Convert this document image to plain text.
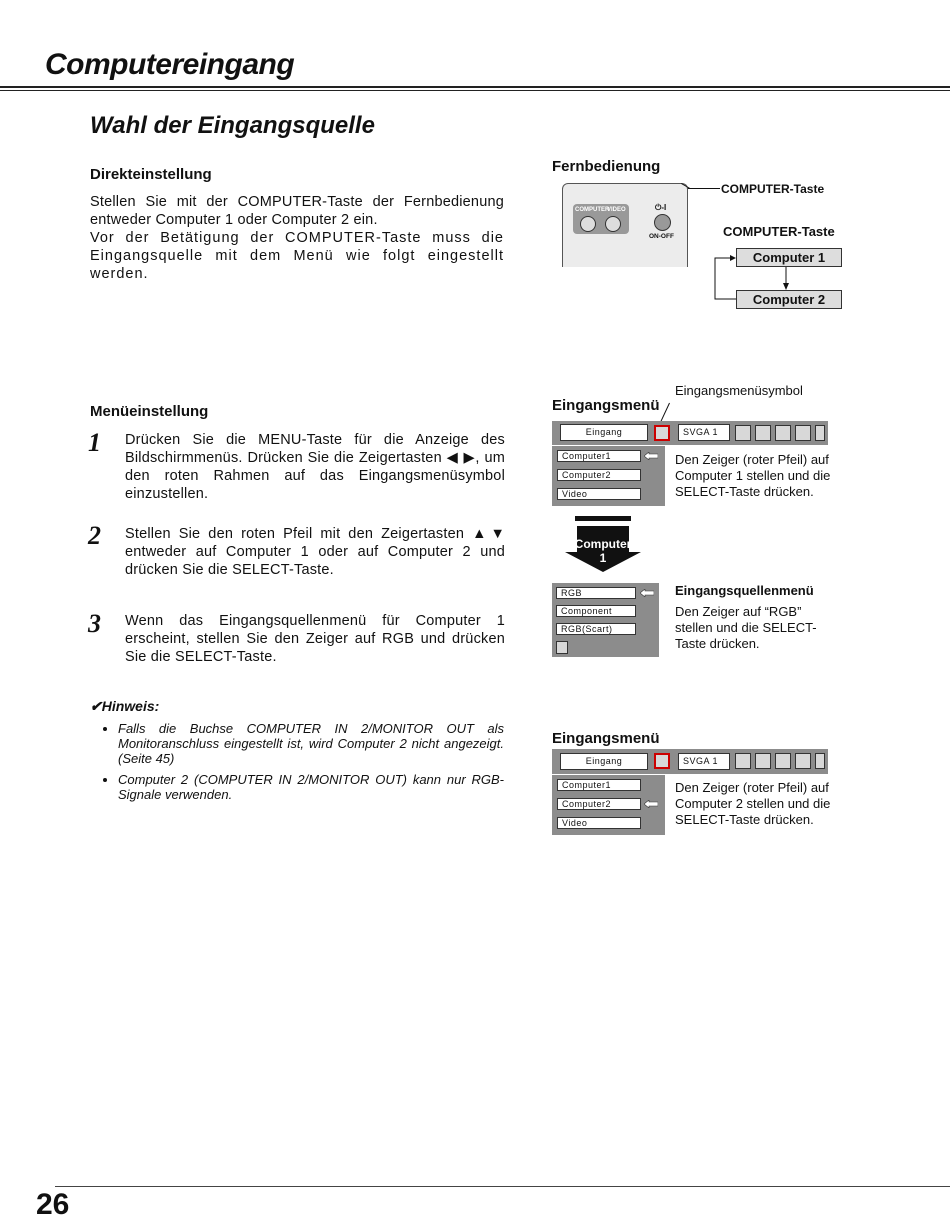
Computereingang
Wahl der Eingangsquelle
Direkteinstellung
Stellen Sie mit der COMPUTER-Taste der Fernbedienung entweder Computer 1 oder Computer 2 ein.
Vor der Betätigung der COMPUTER-Taste muss die Eingangsquelle mit dem Menü wie folgt eingestellt werden.
Fernbedienung
COMPUTER
VIDEO	⏻-I
ON-OFF
COMPUTER-Taste
COMPUTER-Taste
Computer 1
Computer 2
Menüeinstellung
1 Drücken Sie die MENU-Taste für die Anzeige des Bildschirmmenüs. Drücken Sie die Zeigertasten ◀ ▶, um den roten Rahmen auf das Eingangsmenüsymbol einzustellen.
2 Stellen Sie den roten Pfeil mit den Zeigertasten ▲▼ entweder auf Computer 1 oder auf Computer 2 und drücken Sie die SELECT-Taste.
3 Wenn das Eingangsquellenmenü für Computer 1 erscheint, stellen Sie den Zeiger auf RGB und drücken Sie die SELECT-Taste.
✔Hinweis:
• Falls die Buchse COMPUTER IN 2/MONITOR OUT als Monitoranschluss eingestellt ist, wird Computer 2 nicht angezeigt. (Seite 45)
• Computer 2 (COMPUTER IN 2/MONITOR OUT) kann nur RGB-Signale verwenden.
Eingangsmenüsymbol
Eingangsmenü
Eingang	SVGA 1
Computer1
Computer2
Video
Den Zeiger (roter Pfeil) auf Computer 1 stellen und die SELECT-Taste drücken.
Computer 1
RGB
Component
RGB(Scart)
Eingangsquellenmenü
Den Zeiger auf “RGB” stellen und die SELECT-Taste drücken.
Eingangsmenü
Eingang	SVGA 1
Computer1
Computer2
Video
Den Zeiger (roter Pfeil) auf Computer 2 stellen und die SELECT-Taste drücken.
26
